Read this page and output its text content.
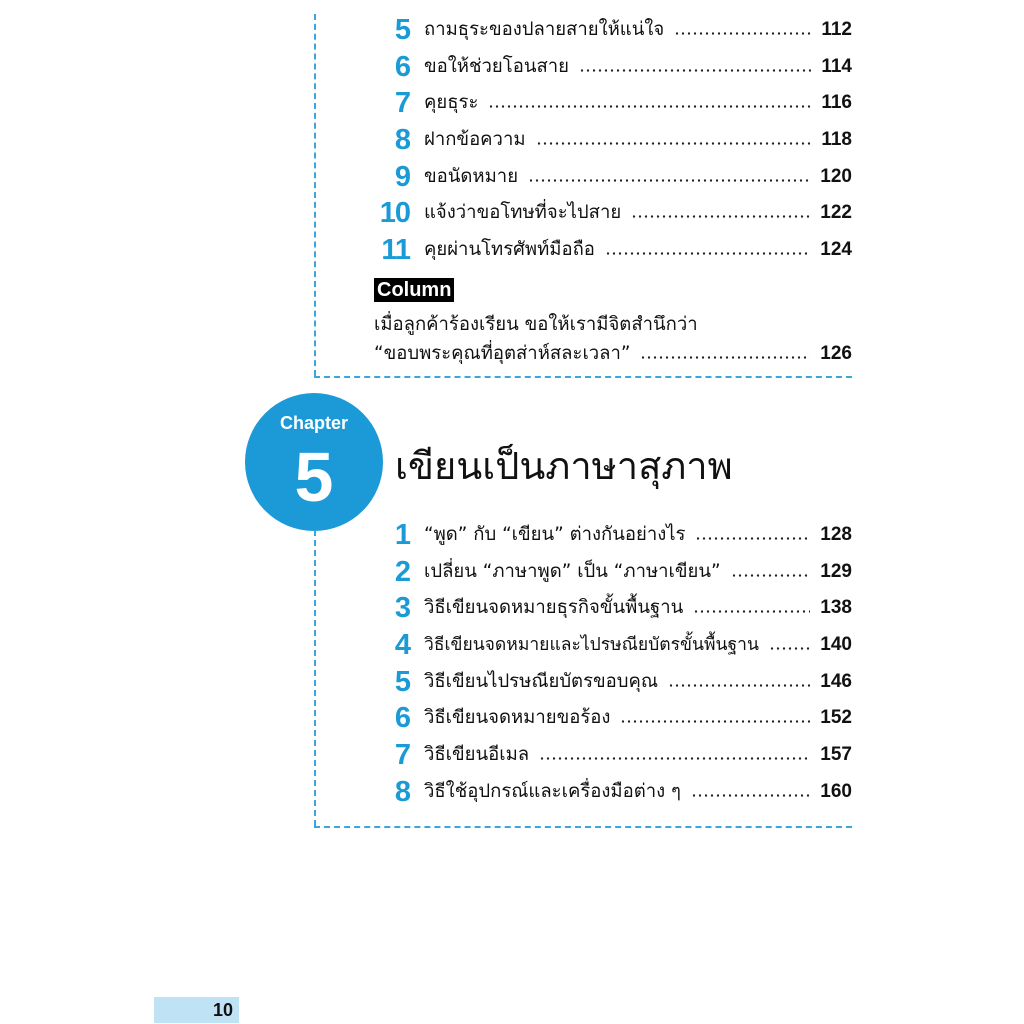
5 ถามธุระของปลายสายให้แน่ใจ	112
6 ขอให้ช่วยโอนสาย	114
7 คุยธุระ	116
8 ฝากข้อความ	118
9 ขอนัดหมาย	120
10 แจ้งว่าขอโทษที่จะไปสาย	122
11 คุยผ่านโทรศัพท์มือถือ	124
Column
เมื่อลูกค้าร้องเรียน ขอให้เรามีจิตสำนึกว่า
“ขอบพระคุณที่อุตส่าห์สละเวลา”	126
Chapter
5	เขียนเป็นภาษาสุภาพ
1 “พูด” กับ “เขียน” ต่างกันอย่างไร	128
2 เปลี่ยน “ภาษาพูด” เป็น “ภาษาเขียน”	129
3 วิธีเขียนจดหมายธุรกิจขั้นพื้นฐาน	138
4 วิธีเขียนจดหมายและไปรษณียบัตรขั้นพื้นฐาน	140
5 วิธีเขียนไปรษณียบัตรขอบคุณ	146
6 วิธีเขียนจดหมายขอร้อง	152
7 วิธีเขียนอีเมล	157
8 วิธีใช้อุปกรณ์และเครื่องมือต่าง ๆ	160
10
